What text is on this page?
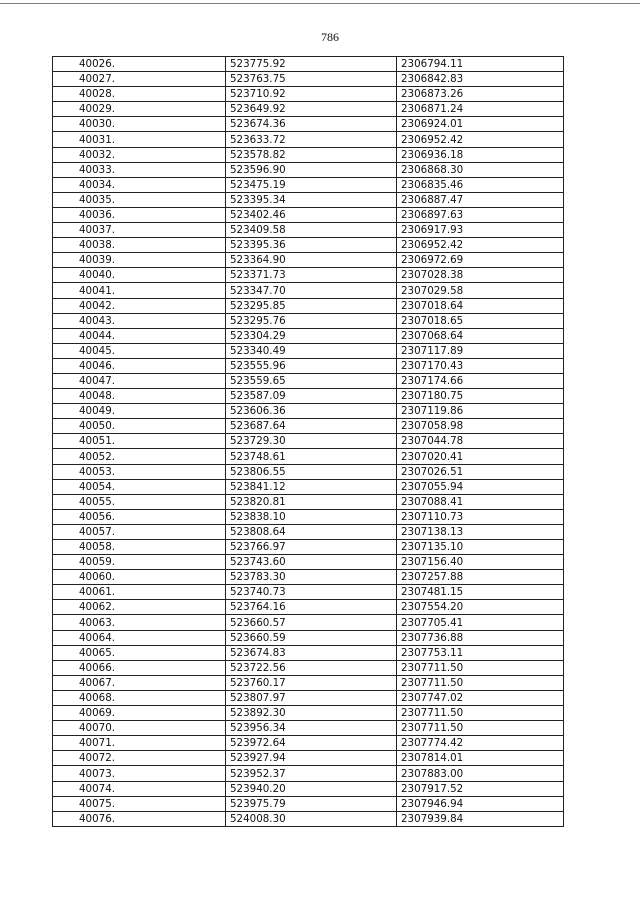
786
40026.	523775.92	2306794.11
40027.	523763.75	2306842.83
40028.	523710.92	2306873.26
40029.	523649.92	2306871.24
40030.	523674.36	2306924.01
40031.	523633.72	2306952.42
40032.	523578.82	2306936.18
40033.	523596.90	2306868.30
40034.	523475.19	2306835.46
40035.	523395.34	2306887.47
40036.	523402.46	2306897.63
40037.	523409.58	2306917.93
40038.	523395.36	2306952.42
40039.	523364.90	2306972.69
40040.	523371.73	2307028.38
40041.	523347.70	2307029.58
40042.	523295.85	2307018.64
40043.	523295.76	2307018.65
40044.	523304.29	2307068.64
40045.	523340.49	2307117.89
40046.	523555.96	2307170.43
40047.	523559.65	2307174.66
40048.	523587.09	2307180.75
40049.	523606.36	2307119.86
40050.	523687.64	2307058.98
40051.	523729.30	2307044.78
40052.	523748.61	2307020.41
40053.	523806.55	2307026.51
40054.	523841.12	2307055.94
40055.	523820.81	2307088.41
40056.	523838.10	2307110.73
40057.	523808.64	2307138.13
40058.	523766.97	2307135.10
40059.	523743.60	2307156.40
40060.	523783.30	2307257.88
40061.	523740.73	2307481.15
40062.	523764.16	2307554.20
40063.	523660.57	2307705.41
40064.	523660.59	2307736.88
40065.	523674.83	2307753.11
40066.	523722.56	2307711.50
40067.	523760.17	2307711.50
40068.	523807.97	2307747.02
40069.	523892.30	2307711.50
40070.	523956.34	2307711.50
40071.	523972.64	2307774.42
40072.	523927.94	2307814.01
40073.	523952.37	2307883.00
40074.	523940.20	2307917.52
40075.	523975.79	2307946.94
40076.	524008.30	2307939.84
